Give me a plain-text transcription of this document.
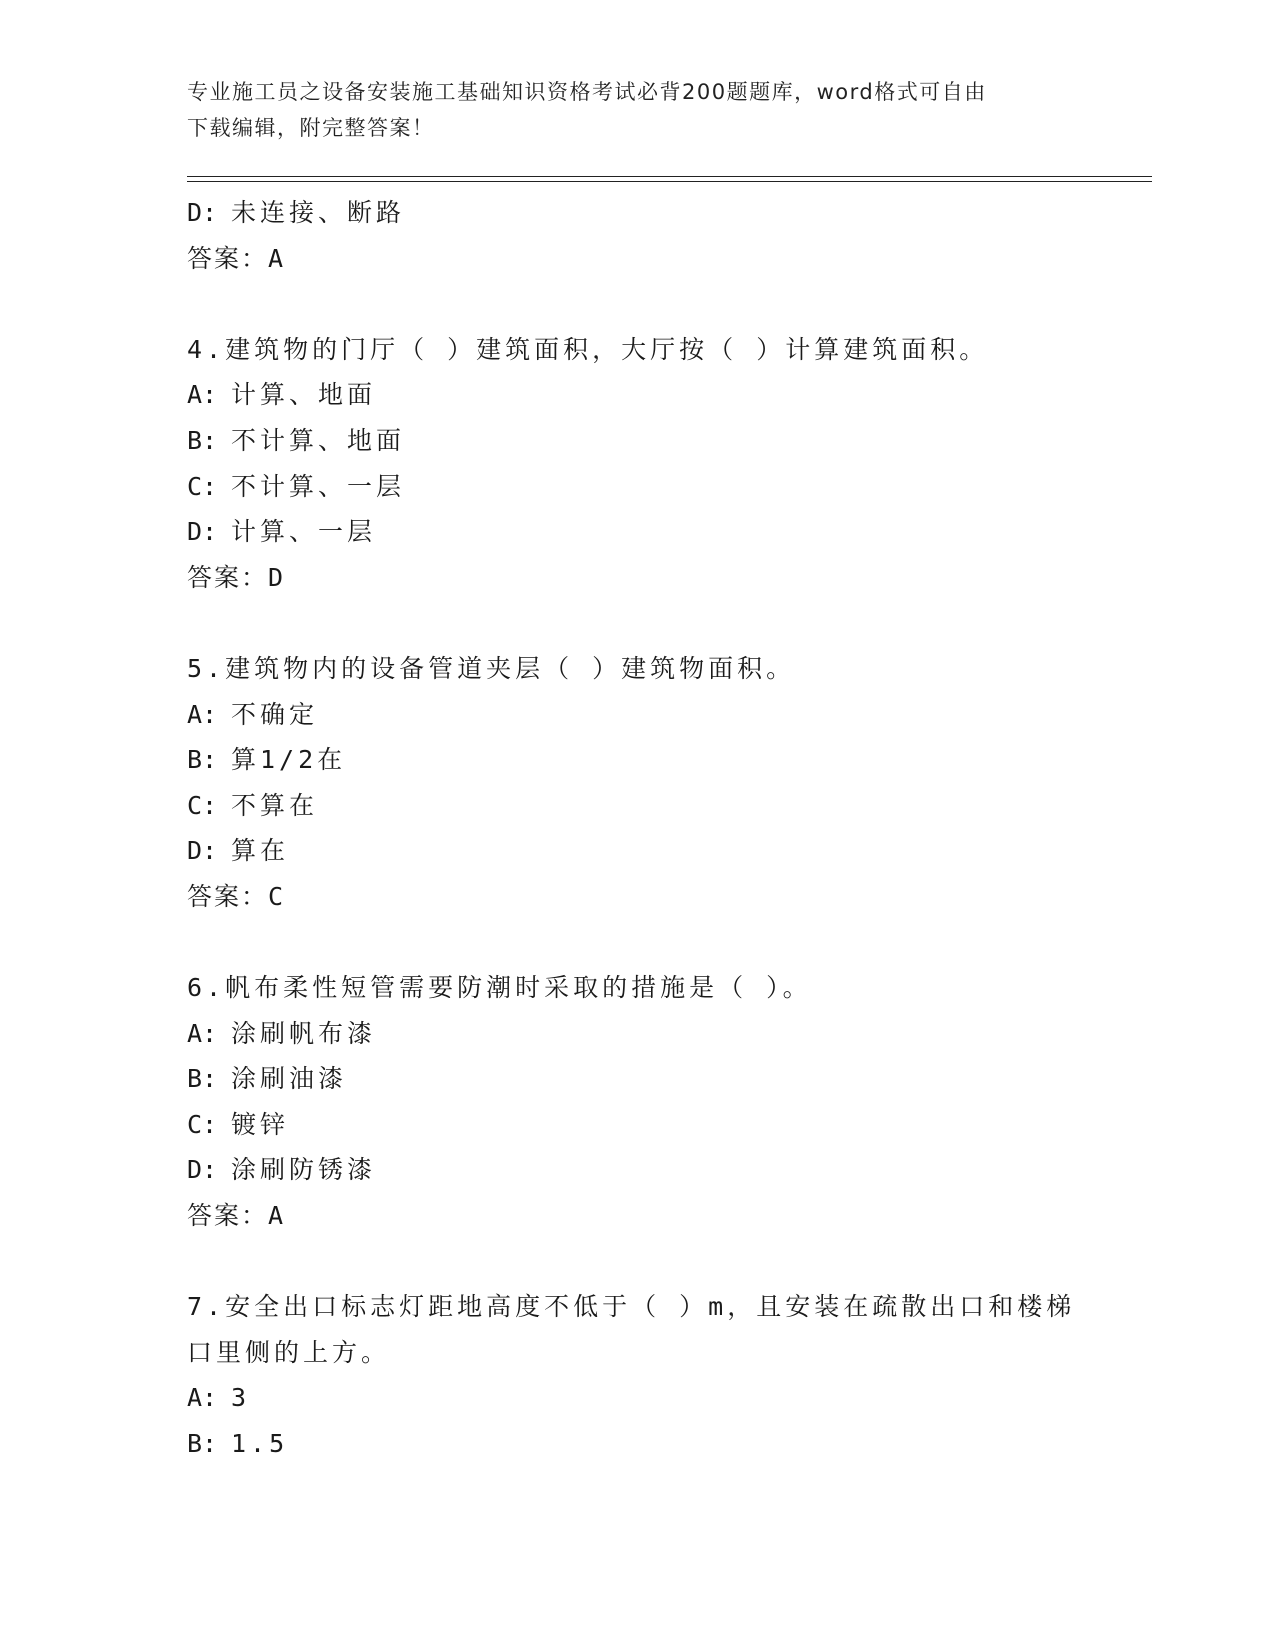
专业施工员之设备安装施工基础知识资格考试必背200题题库，word格式可自由
下载编辑，附完整答案！
D: 未连接、断路
答案：A
4.建筑物的门厅（ ）建筑面积，大厅按（ ）计算建筑面积。
A: 计算、地面
B: 不计算、地面
C: 不计算、一层
D: 计算、一层
答案：D
5.建筑物内的设备管道夹层（ ）建筑物面积。
A: 不确定
B: 算1/2在
C: 不算在
D: 算在
答案：C
6.帆布柔性短管需要防潮时采取的措施是（ ）。
A: 涂刷帆布漆
B: 涂刷油漆
C: 镀锌
D: 涂刷防锈漆
答案：A
7.安全出口标志灯距地高度不低于（ ）m，且安装在疏散出口和楼梯
口里侧的上方。
A: 3
B: 1.5
